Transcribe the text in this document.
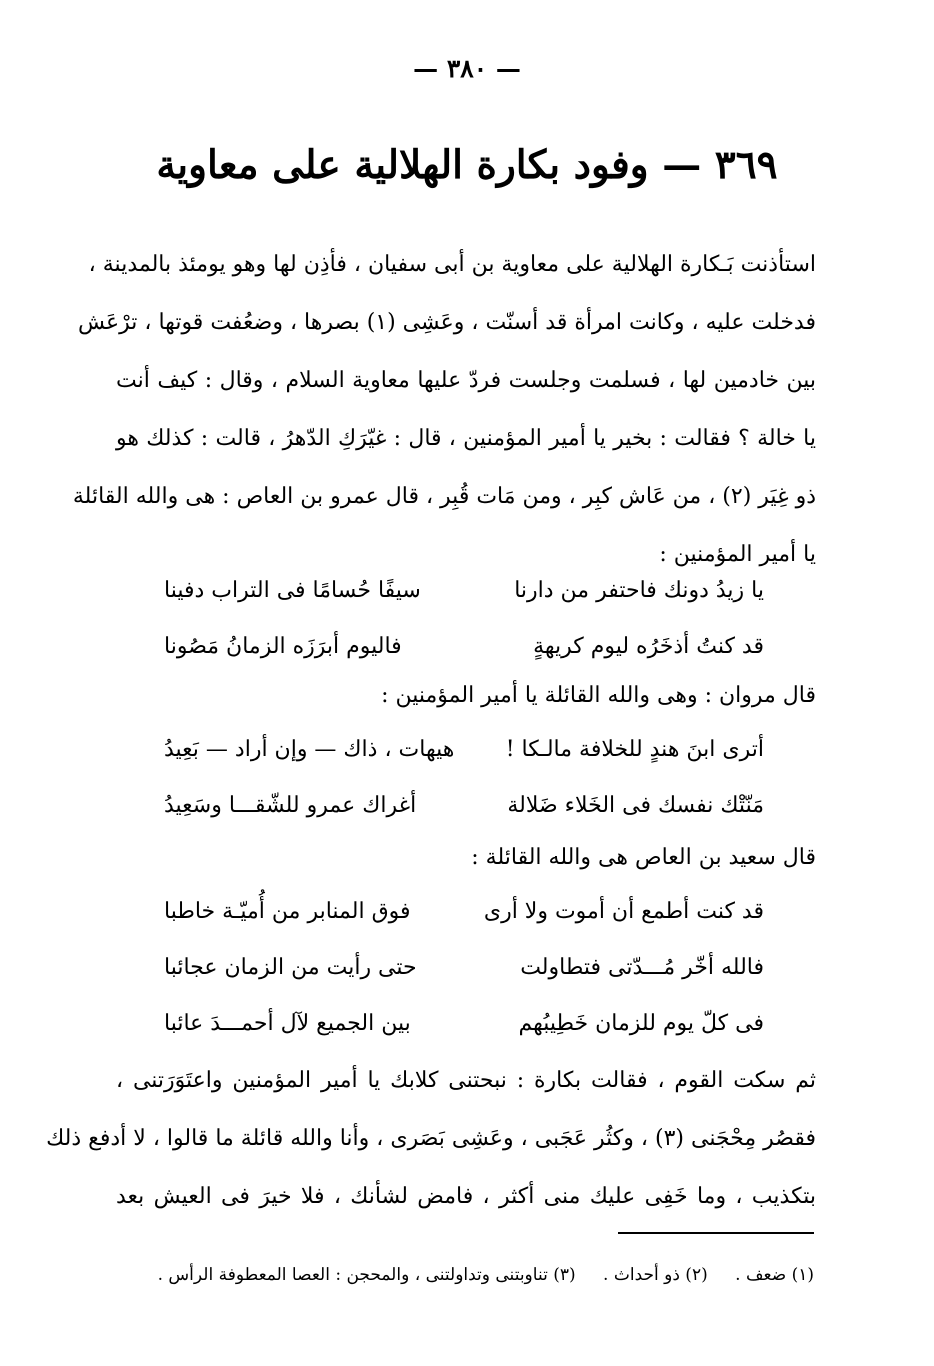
— ٣٨٠ —
٣٦٩ — وفود بكارة الهلالية على معاوية
استأذنت بَـكارة الهلالية على معاوية بن أبى سفيان ، فأذِن لها وهو يومئذ بالمدينة ،
فدخلت عليه ، وكانت امرأة قد أسنّت ، وعَشِى (١) بصرها ، وضعُفت قوتها ، ترْعَش
بين خادمين لها ، فسلمت وجلست فردّ عليها معاوية السلام ، وقال : كيف أنت
يا خالة ؟ فقالت : بخير يا أمير المؤمنين ، قال : غيّرَكِ الدّهرُ ، قالت : كذلك هو
ذو غِيَر (٢) ، من عَاش كبِر ، ومن مَات قُبِر ، قال عمرو بن العاص : هى والله القائلة
يا أمير المؤمنين :
يا زيدُ دونك فاحتفر من دارنا
سيفًا حُسامًا فى التراب دفينا
قد كنتُ أذخَرُه ليوم كريهةٍ
فاليوم أبرَزَه الزمانُ مَصُونا
قال مروان : وهى والله القائلة يا أمير المؤمنين :
أترى ابنَ هندٍ للخلافة مالـكا !
هيهات ، ذاك — وإن أراد — بَعِيدُ
مَنّتْك نفسك فى الخَلاء ضَلالة
أغراك عمرو للشّقـــا وسَعِيدُ
قال سعيد بن العاص هى والله القائلة :
قد كنت أطمع أن أموت ولا أرى
فوق المنابر من أُميّـة خاطبا
فالله أخّر مُـــدّتى فتطاولت
حتى رأيت من الزمان عجائبا
فى كلّ يوم للزمان خَطِيبُهم
بين الجميع لآل أحمـــدَ عائبا
ثم سكت القوم ، فقالت بكارة : نبحتنى كلابك يا أمير المؤمنين واعتَوَرَتنى ،
فقصُر مِحْجَنى (٣) ، وكثُر عَجَبى ، وعَشِى بَصَرى ، وأنا والله قائلة ما قالوا ، لا أدفع ذلك
بتكذيب ، وما خَفِى عليك منى أكثر ، فامض لشأنك ، فلا خيرَ فى العيش بعد
(١) ضعف . (٢) ذو أحداث . (٣) تناوبتنى وتداولتنى ، والمحجن : العصا المعطوفة الرأس .
